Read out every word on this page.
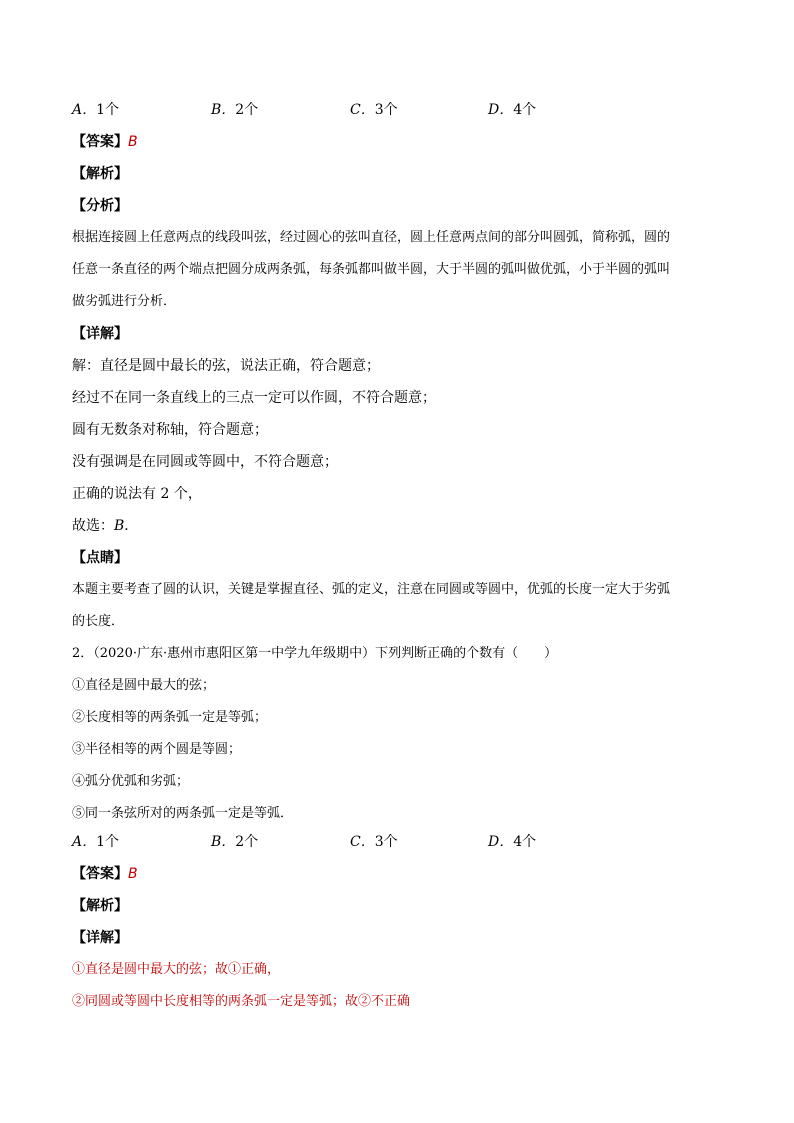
A．1个	B．2个	C．3个	D．4个
【答案】B
【解析】
【分析】
根据连接圆上任意两点的线段叫弦，经过圆心的弦叫直径，圆上任意两点间的部分叫圆弧，简称弧，圆的
任意一条直径的两个端点把圆分成两条弧，每条弧都叫做半圆，大于半圆的弧叫做优弧，小于半圆的弧叫
做劣弧进行分析．
【详解】
解：直径是圆中最长的弦，说法正确，符合题意；
经过不在同一条直线上的三点一定可以作圆，不符合题意；
圆有无数条对称轴，符合题意；
没有强调是在同圆或等圆中，不符合题意；
正确的说法有 2 个，
故选：B．
【点睛】
本题主要考查了圆的认识，关键是掌握直径、弧的定义，注意在同圆或等圆中，优弧的长度一定大于劣弧
的长度．
2．（2020·广东·惠州市惠阳区第一中学九年级期中）下列判断正确的个数有（　　）
①直径是圆中最大的弦；
②长度相等的两条弧一定是等弧；
③半径相等的两个圆是等圆；
④弧分优弧和劣弧；
⑤同一条弦所对的两条弧一定是等弧．
A．1个	B．2个	C．3个	D．4个
【答案】B
【解析】
【详解】
①直径是圆中最大的弦；故①正确，
②同圆或等圆中长度相等的两条弧一定是等弧；故②不正确
